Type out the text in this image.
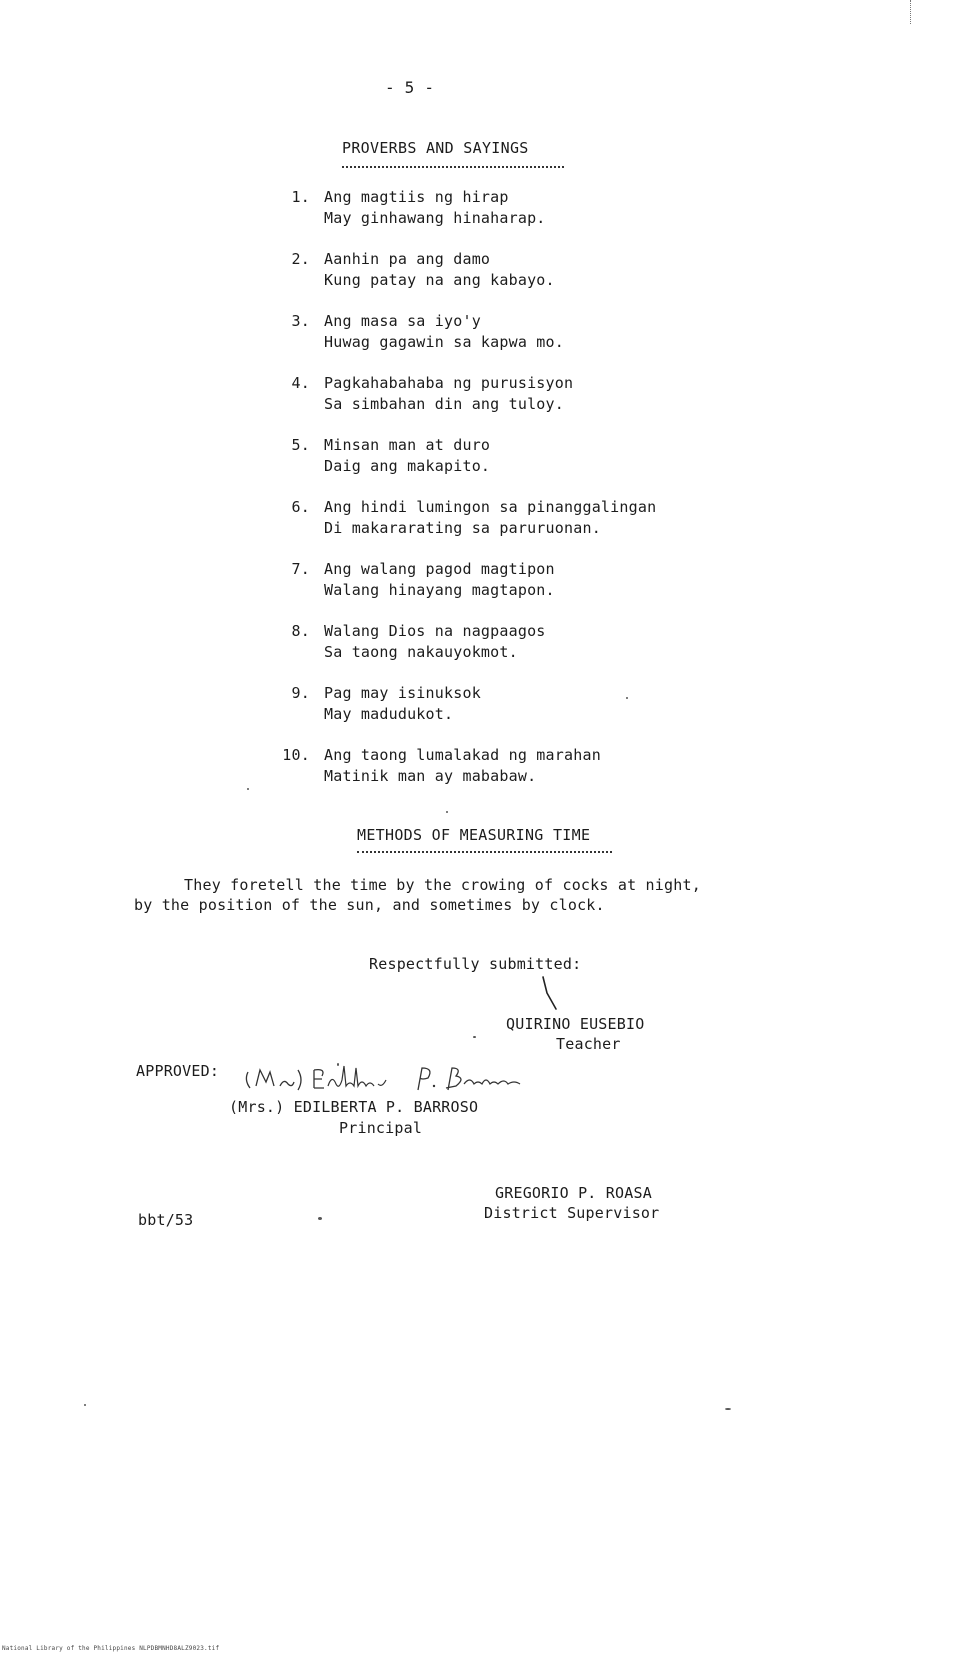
- 5 -
PROVERBS AND SAYINGS
1. Ang magtiis ng hirap
May ginhawang hinaharap.
2. Aanhin pa ang damo
Kung patay na ang kabayo.
3. Ang masa sa iyo'y
Huwag gagawin sa kapwa mo.
4. Pagkahabahaba ng purusisyon
Sa simbahan din ang tuloy.
5. Minsan man at duro
Daig ang makapito.
6. Ang hindi lumingon sa pinanggalingan
Di makararating sa paruruonan.
7. Ang walang pagod magtipon
Walang hinayang magtapon.
8. Walang Dios na nagpaagos
Sa taong nakauyokmot.
9. Pag may isinuksok
May madudukot.
10. Ang taong lumalakad ng marahan
Matinik man ay mababaw.
METHODS OF MEASURING TIME
They foretell the time by the crowing of cocks at night,
by the position of the sun, and sometimes by clock.
Respectfully submitted:
QUIRINO EUSEBIO
Teacher
APPROVED:
(Mrs.) EDILBERTA P. BARROSO
Principal
GREGORIO P. ROASA
District Supervisor
bbt/53
National Library of the Philippines NLPDBMNHD8ALZ9023.tif
